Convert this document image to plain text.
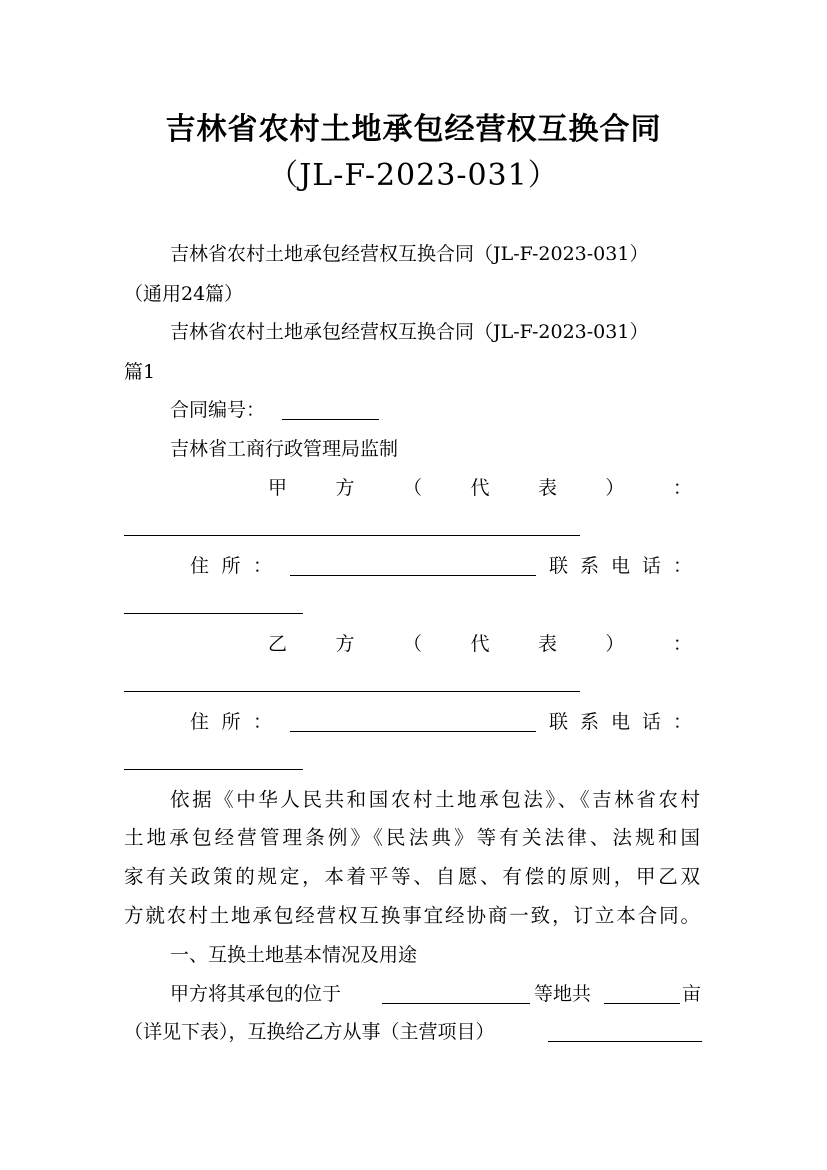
吉林省农村土地承包经营权互换合同
（JL-F-2023-031）
吉林省农村土地承包经营权互换合同（JL-F-2023-031）
（通用24篇）
吉林省农村土地承包经营权互换合同（JL-F-2023-031）
篇1
合同编号：
吉林省工商行政管理局监制
甲	方	（	代	表	）	：
住 所 ：	联 系 电 话 ：
乙	方	（	代	表	）	：
住 所 ：	联 系 电 话 ：
依据《中华人民共和国农村土地承包法》、《吉林省农村
土地承包经营管理条例》《民法典》等有关法律、法规和国
家有关政策的规定，本着平等、自愿、有偿的原则，甲乙双
方就农村土地承包经营权互换事宜经协商一致，订立本合同。
一、互换土地基本情况及用途
甲方将其承包的位于	等地共	亩
（详见下表），互换给乙方从事（主营项目）
